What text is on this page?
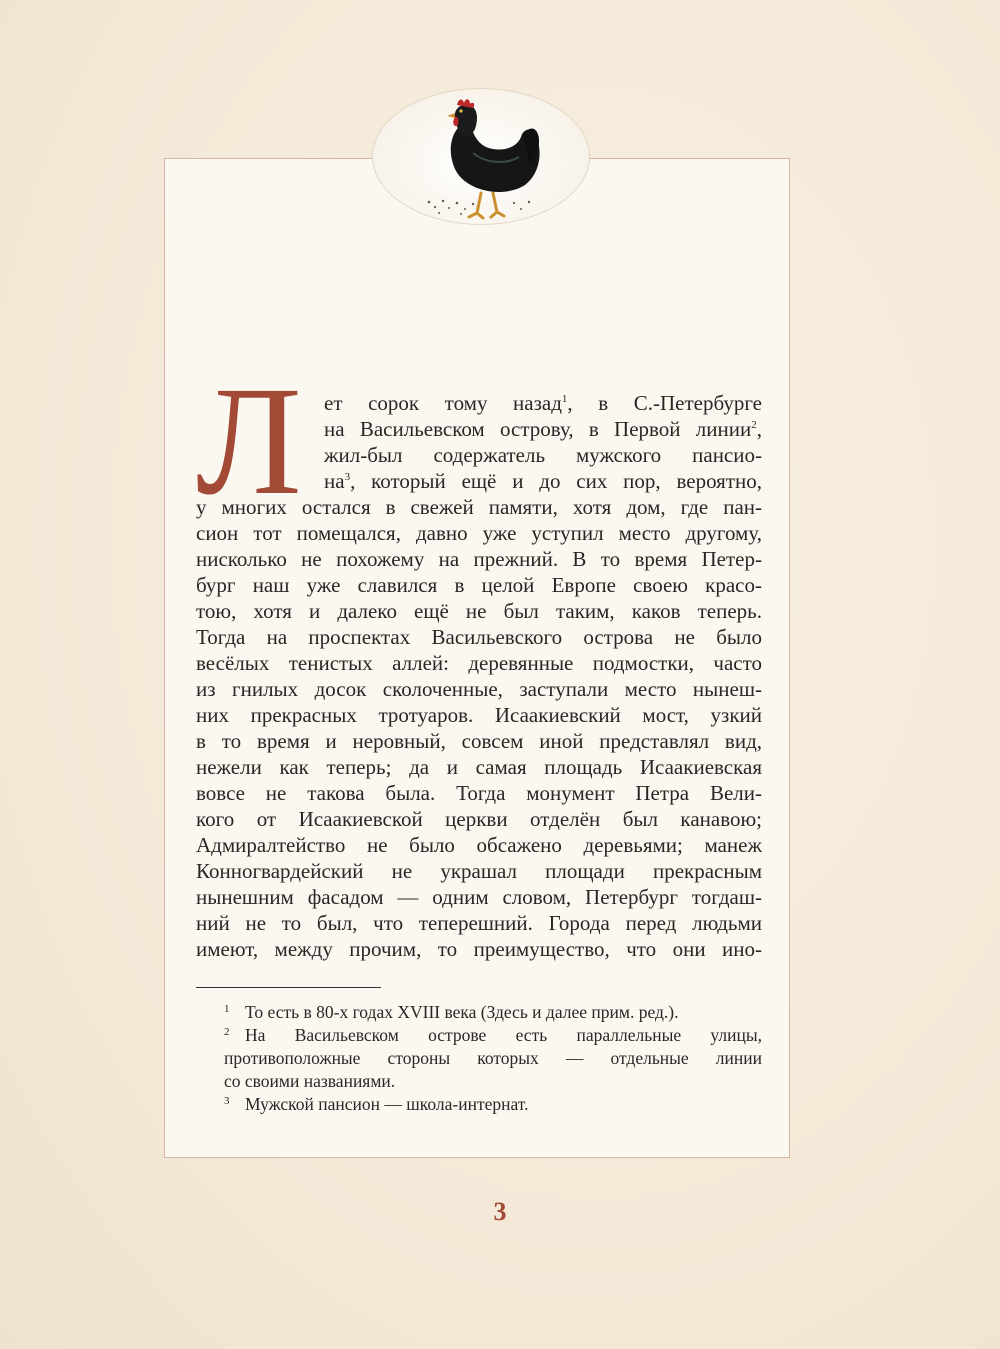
Л	ет сорок тому назад$^1$, в С.-Петербурге
на Васильевском острову, в Первой линии$^2$,
жил-был содержатель мужского пансио-
$на^3$, который ещё и до сих пор, вероятно,
у многих остался в свежей памяти, хотя дом, где пан-
сион тот помещался, давно уже уступил место другому,
нисколько не похожему на прежний. В то время Петер-
бург наш уже славился в целой Европе своею красо-
тою, хотя и далеко ещё не был таким, каков теперь.
Тогда на проспектах Васильевского острова не было
весёлых тенистых аллей: деревянные подмостки, часто
из гнилых досок сколоченные, заступали место нынеш-
них прекрасных тротуаров. Исаакиевский мост, узкий
в то время и неровный, совсем иной представлял вид,
нежели как теперь; да и самая площадь Исаакиевская
вовсе не такова была. Тогда монумент Петра Вели-
кого от Исаакиевской церкви отделён был канавою;
Адмиралтейство не было обсажено деревьями; манеж
Конногвардейский не украшал площади прекрасным
нынешним фасадом — одним словом, Петербург тогдаш-
ний не то был, что теперешний. Города перед людьми
имеют, между прочим, то преимущество, что они ино-
1 То есть в 80-х годах XVIII века (Здесь и далее прим. ред.).
2 На Васильевском острове есть параллельные улицы,
противоположные стороны которых — отдельные линии
со своими названиями.
3 Мужской пансион — школа-интернат.
3
